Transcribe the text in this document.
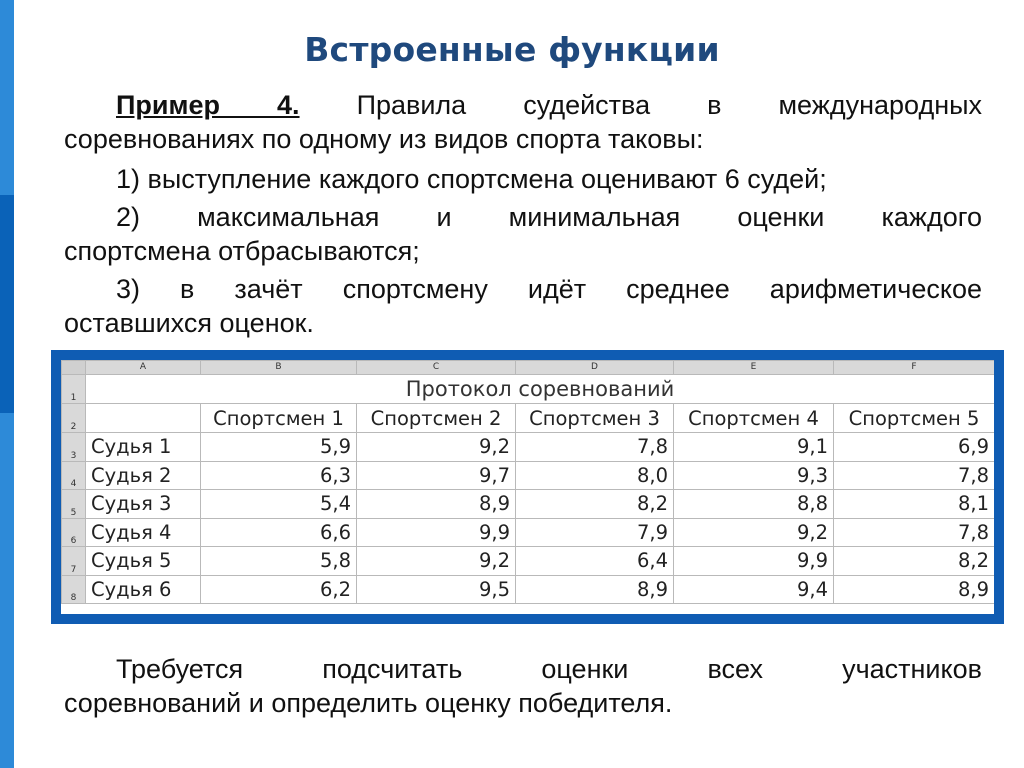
Встроенные функции
Пример 4. Правила судейства в международных
соревнованиях по одному из видов спорта таковы:
1) выступление каждого спортсмена оценивают 6 судей;
2) максимальная и минимальная оценки каждого
спортсмена отбрасываются;
3) в зачёт спортсмену идёт среднее арифметическое
оставшихся оценок.
	A	B	C	D	E	F
1	Протокол соревнований					
2		Спортсмен 1	Спортсмен 2	Спортсмен 3	Спортсмен 4	Спортсмен 5
3	Судья 1	5,9	9,2	7,8	9,1	6,9
4	Судья 2	6,3	9,7	8,0	9,3	7,8
5	Судья 3	5,4	8,9	8,2	8,8	8,1
6	Судья 4	6,6	9,9	7,9	9,2	7,8
7	Судья 5	5,8	9,2	6,4	9,9	8,2
8	Судья 6	6,2	9,5	8,9	9,4	8,9
Требуется подсчитать оценки всех участников
соревнований и определить оценку победителя.
